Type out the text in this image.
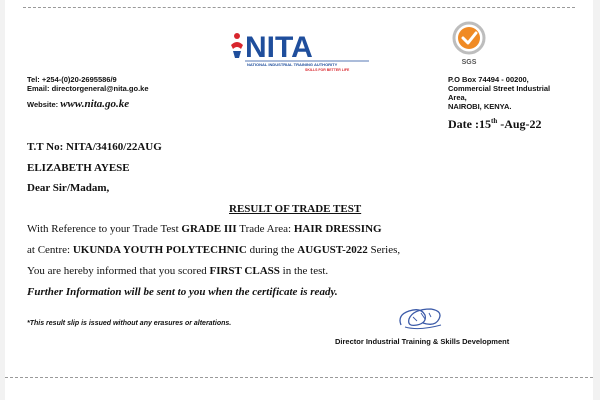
NITA
NATIONAL INDUSTRIAL TRAINING AUTHORITY
SKILLS FOR BETTER LIFE
SGS
Tel: +254-(0)20-2695586/9
Email: directorgeneral@nita.go.ke
Website: www.nita.go.ke
P.O Box 74494 - 00200,
Commercial Street Industrial
Area,
NAIROBI, KENYA.
Date :15th -Aug-22
T.T No: NITA/34160/22AUG
ELIZABETH AYESE
Dear Sir/Madam,
RESULT OF TRADE TEST
With Reference to your Trade Test GRADE III Trade Area: HAIR DRESSING
at Centre: UKUNDA YOUTH POLYTECHNIC during the AUGUST-2022 Series,
You are hereby informed that you scored FIRST CLASS in the test.
Further Information will be sent to you when the certificate is ready.
*This result slip is issued without any erasures or alterations.
Director Industrial Training & Skills Development
